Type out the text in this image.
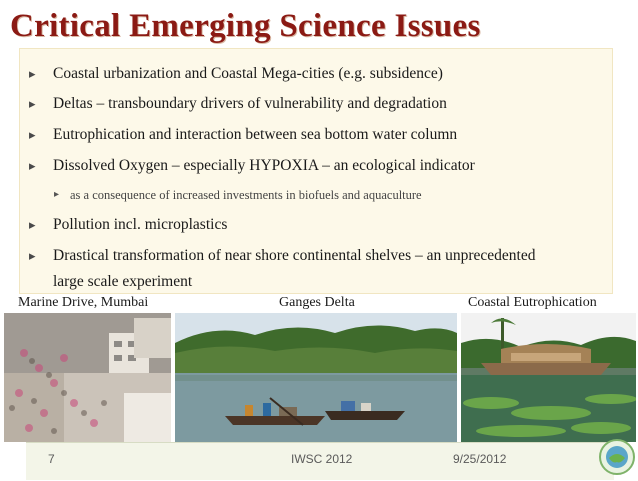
Critical Emerging Science Issues
▸ Coastal urbanization and Coastal Mega-cities (e.g. subsidence)
▸ Deltas – transboundary drivers of vulnerability and degradation
▸ Eutrophication and interaction between sea bottom water column
▸ Dissolved Oxygen – especially HYPOXIA – an ecological indicator
▸ as a consequence of increased investments in biofuels and aquaculture
▸ Pollution incl. microplastics
▸ Drastical transformation of near shore continental shelves – an unprecedented
large scale experiment
Marine Drive, Mumbai	Ganges Delta	Coastal Eutrophication
7	IWSC 2012	9/25/2012
